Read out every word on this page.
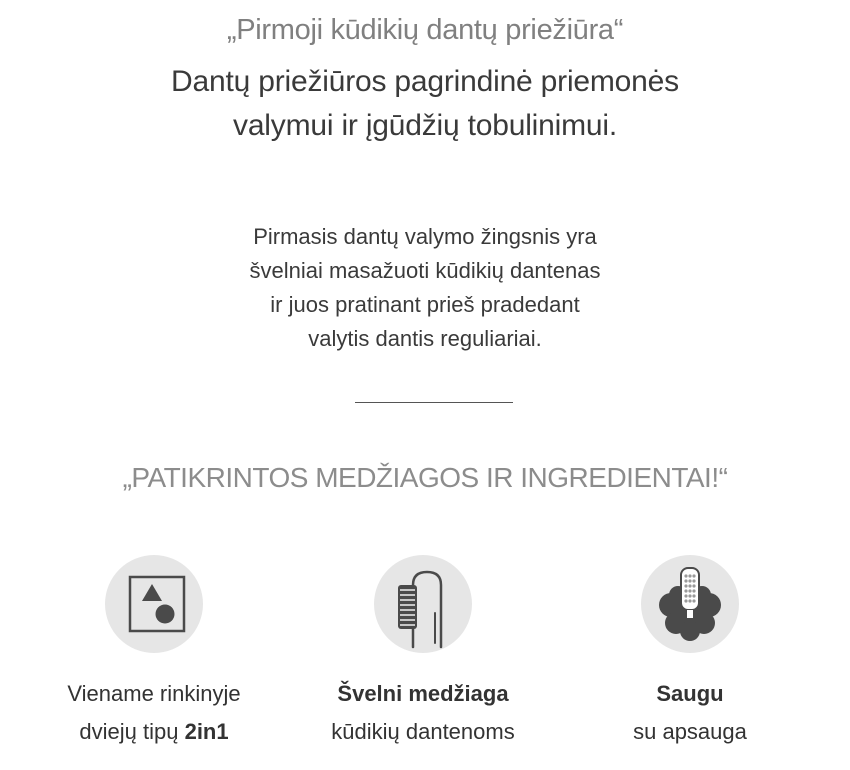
„Pirmoji kūdikių dantų priežiūra“
Dantų priežiūros pagrindinė priemonės
valymui ir įgūdžių tobulinimui.
Pirmasis dantų valymo žingsnis yra
švelniai masažuoti kūdikių dantenas
ir juos pratinant prieš pradedant
valytis dantis reguliariai.
„PATIKRINTOS MEDŽIAGOS IR INGREDIENTAI!“
Viename rinkinyje
dviejų tipų 2in1
Švelni medžiaga
kūdikių dantenoms
Saugu
su apsauga
